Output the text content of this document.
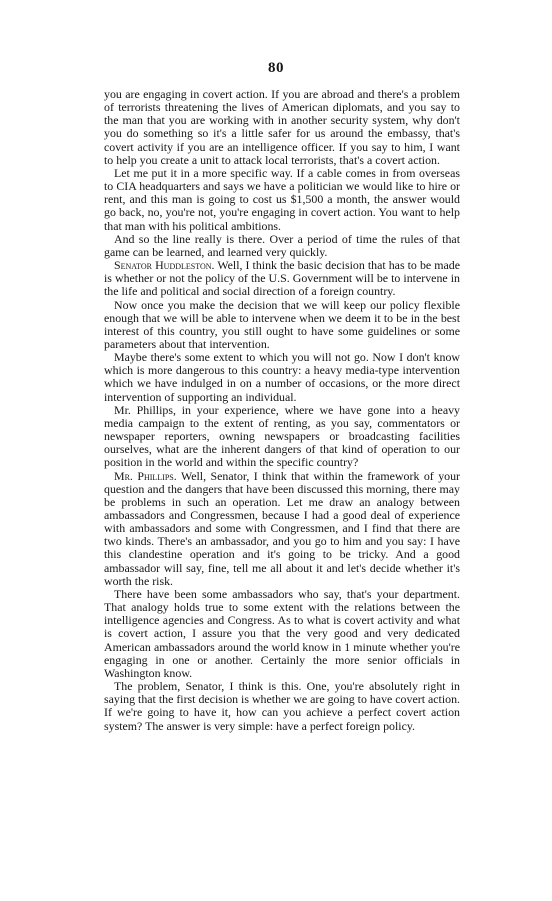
80

you are engaging in covert action. If you are abroad and there's a problem of terrorists threatening the lives of American diplomats, and you say to the man that you are working with in another security system, why don't you do something so it's a little safer for us around the embassy, that's covert activity if you are an intelligence officer. If you say to him, I want to help you create a unit to attack local terrorists, that's a covert action.

Let me put it in a more specific way. If a cable comes in from overseas to CIA headquarters and says we have a politician we would like to hire or rent, and this man is going to cost us $1,500 a month, the answer would go back, no, you're not, you're engaging in covert action. You want to help that man with his political ambitions.

And so the line really is there. Over a period of time the rules of that game can be learned, and learned very quickly.

Senator Huddleston. Well, I think the basic decision that has to be made is whether or not the policy of the U.S. Government will be to intervene in the life and political and social direction of a foreign country.

Now once you make the decision that we will keep our policy flexible enough that we will be able to intervene when we deem it to be in the best interest of this country, you still ought to have some guidelines or some parameters about that intervention.

Maybe there's some extent to which you will not go. Now I don't know which is more dangerous to this country: a heavy media-type intervention which we have indulged in on a number of occasions, or the more direct intervention of supporting an individual.

Mr. Phillips, in your experience, where we have gone into a heavy media campaign to the extent of renting, as you say, commentators or newspaper reporters, owning newspapers or broadcasting facilities ourselves, what are the inherent dangers of that kind of operation to our position in the world and within the specific country?

Mr. Phillips. Well, Senator, I think that within the framework of your question and the dangers that have been discussed this morning, there may be problems in such an operation. Let me draw an analogy between ambassadors and Congressmen, because I had a good deal of experience with ambassadors and some with Congressmen, and I find that there are two kinds. There's an ambassador, and you go to him and you say: I have this clandestine operation and it's going to be tricky. And a good ambassador will say, fine, tell me all about it and let's decide whether it's worth the risk.

There have been some ambassadors who say, that's your department. That analogy holds true to some extent with the relations between the intelligence agencies and Congress. As to what is covert activity and what is covert action, I assure you that the very good and very dedicated American ambassadors around the world know in 1 minute whether you're engaging in one or another. Certainly the more senior officials in Washington know.

The problem, Senator, I think is this. One, you're absolutely right in saying that the first decision is whether we are going to have covert action. If we're going to have it, how can you achieve a perfect covert action system? The answer is very simple: have a perfect foreign policy.
